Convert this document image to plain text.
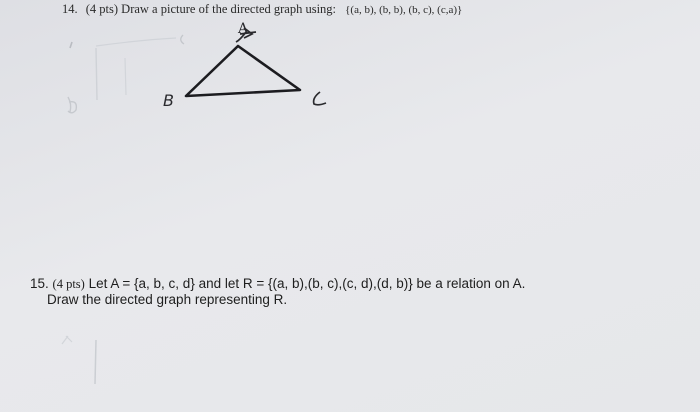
14. (4 pts) Draw a picture of the directed graph using: {(a, b), (b, b), (b, c), (c,a)}
A
B	c
15. (4 pts) Let A = {a, b, c, d} and let R = {(a, b),(b, c),(c, d),(d, b)} be a relation on A.
Draw the directed graph representing R.
